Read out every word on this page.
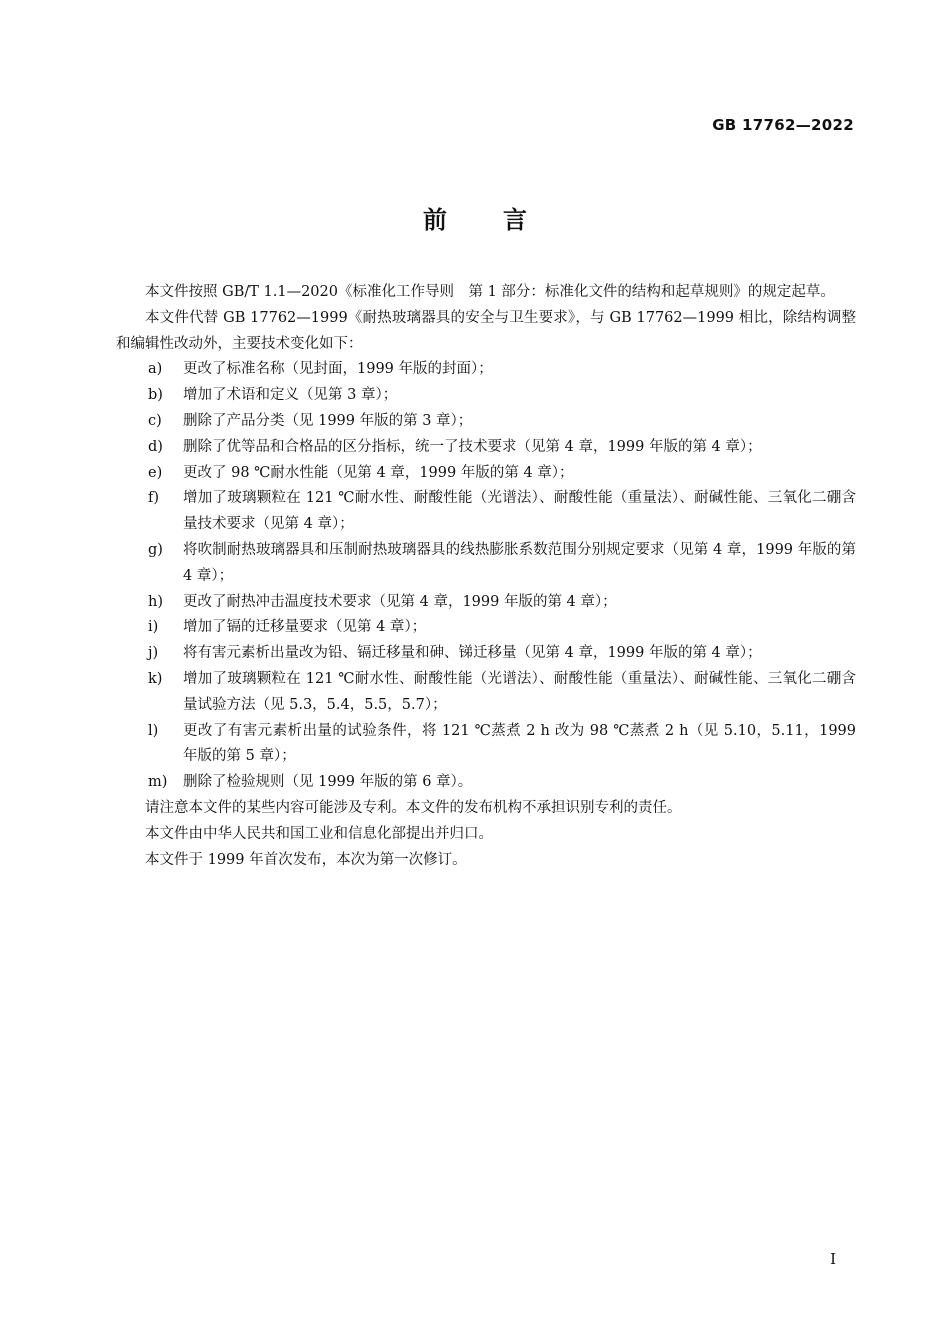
GB 17762—2022
前言

本文件按照 GB/T 1.1—2020《标准化工作导则　第 1 部分：标准化文件的结构和起草规则》的规定起草。

本文件代替 GB 17762—1999《耐热玻璃器具的安全与卫生要求》，与 GB 17762—1999 相比，除结构调整和编辑性改动外，主要技术变化如下：

a) 更改了标准名称（见封面，1999 年版的封面）；

b) 增加了术语和定义（见第 3 章）；

c) 删除了产品分类（见 1999 年版的第 3 章）；

d) 删除了优等品和合格品的区分指标，统一了技术要求（见第 4 章，1999 年版的第 4 章）；

e) 更改了 98 ℃耐水性能（见第 4 章，1999 年版的第 4 章）；

f) 增加了玻璃颗粒在 121 ℃耐水性、耐酸性能（光谱法）、耐酸性能（重量法）、耐碱性能、三氧化二硼含量技术要求（见第 4 章）；

g) 将吹制耐热玻璃器具和压制耐热玻璃器具的线热膨胀系数范围分别规定要求（见第 4 章，1999 年版的第 4 章）；

h) 更改了耐热冲击温度技术要求（见第 4 章，1999 年版的第 4 章）；

i) 增加了镉的迁移量要求（见第 4 章）；

j) 将有害元素析出量改为铅、镉迁移量和砷、锑迁移量（见第 4 章，1999 年版的第 4 章）；

k) 增加了玻璃颗粒在 121 ℃耐水性、耐酸性能（光谱法）、耐酸性能（重量法）、耐碱性能、三氧化二硼含量试验方法（见 5.3，5.4，5.5，5.7）；

l) 更改了有害元素析出量的试验条件，将 121 ℃蒸煮 2 h 改为 98 ℃蒸煮 2 h（见 5.10，5.11，1999 年版的第 5 章）；

m) 删除了检验规则（见 1999 年版的第 6 章）。

请注意本文件的某些内容可能涉及专利。本文件的发布机构不承担识别专利的责任。

本文件由中华人民共和国工业和信息化部提出并归口。

本文件于 1999 年首次发布，本次为第一次修订。

I
